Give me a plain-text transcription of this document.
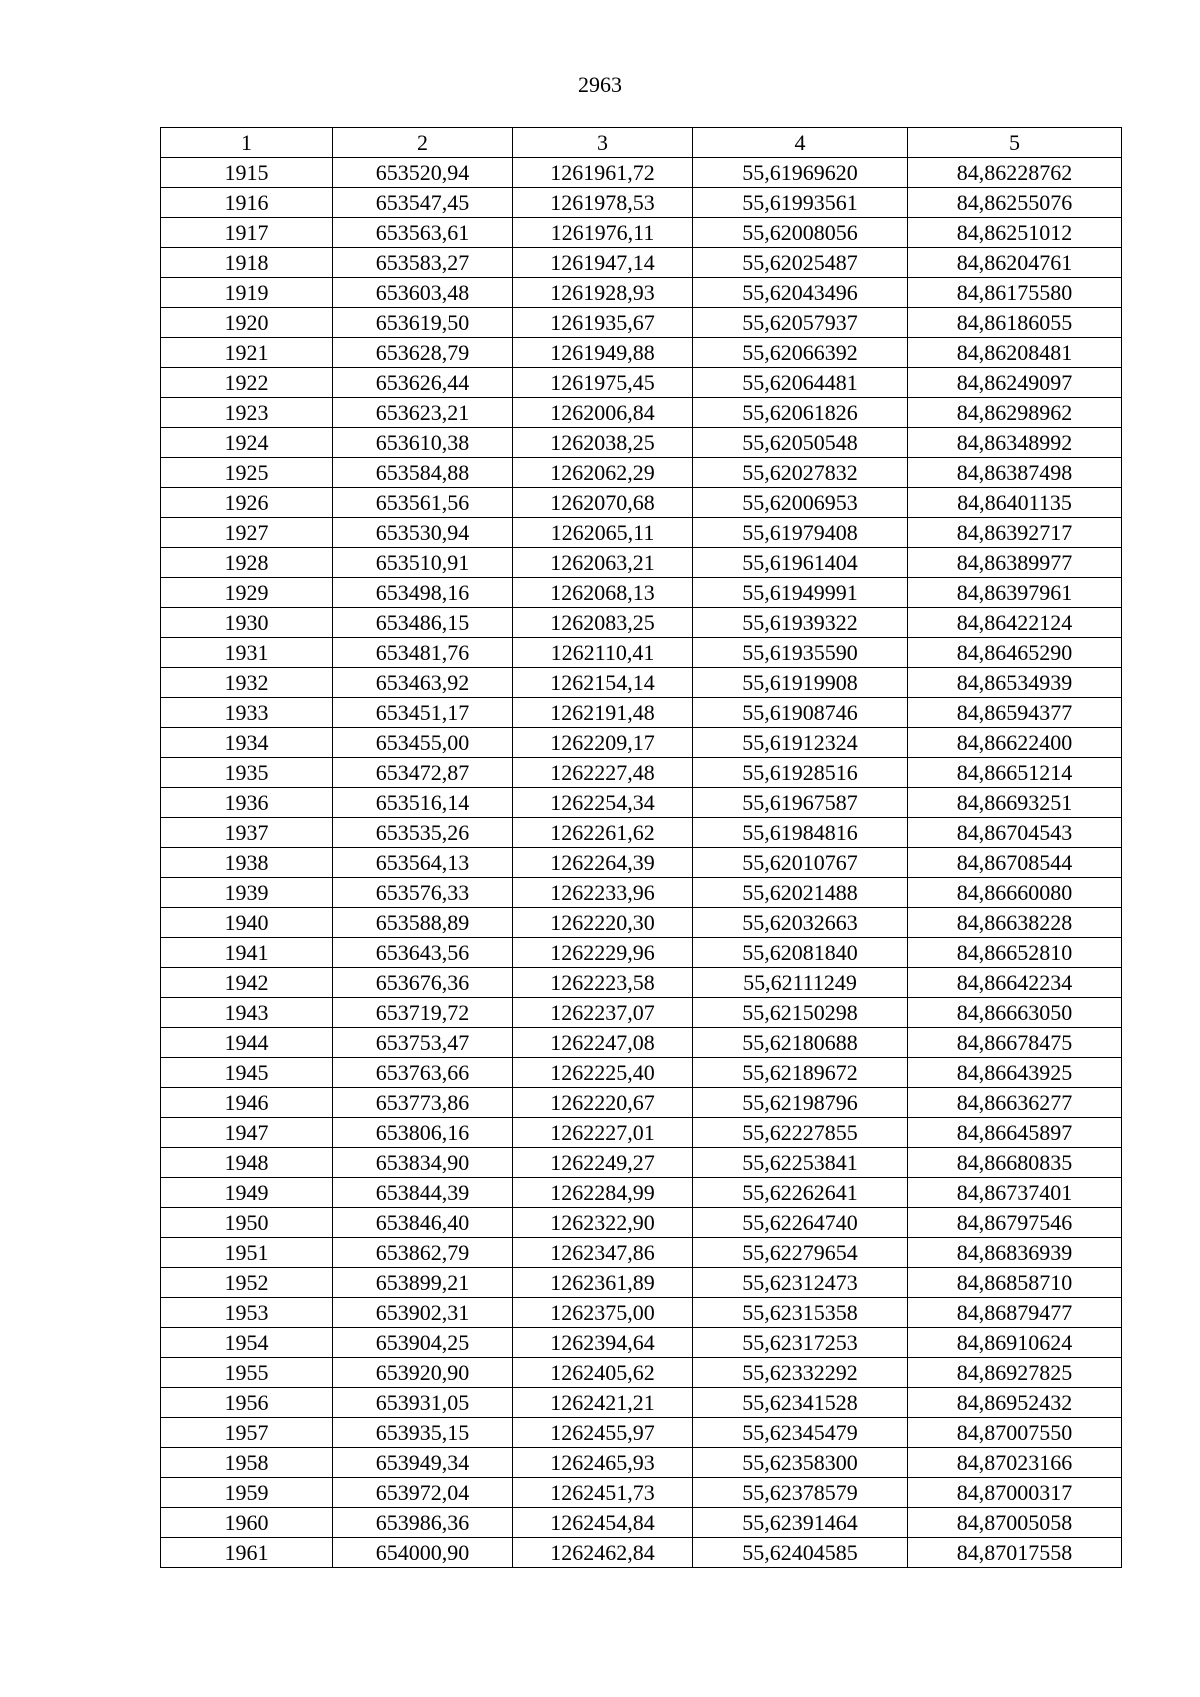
2963
1	2	3	4	5
1915	653520,94	1261961,72	55,61969620	84,86228762
1916	653547,45	1261978,53	55,61993561	84,86255076
1917	653563,61	1261976,11	55,62008056	84,86251012
1918	653583,27	1261947,14	55,62025487	84,86204761
1919	653603,48	1261928,93	55,62043496	84,86175580
1920	653619,50	1261935,67	55,62057937	84,86186055
1921	653628,79	1261949,88	55,62066392	84,86208481
1922	653626,44	1261975,45	55,62064481	84,86249097
1923	653623,21	1262006,84	55,62061826	84,86298962
1924	653610,38	1262038,25	55,62050548	84,86348992
1925	653584,88	1262062,29	55,62027832	84,86387498
1926	653561,56	1262070,68	55,62006953	84,86401135
1927	653530,94	1262065,11	55,61979408	84,86392717
1928	653510,91	1262063,21	55,61961404	84,86389977
1929	653498,16	1262068,13	55,61949991	84,86397961
1930	653486,15	1262083,25	55,61939322	84,86422124
1931	653481,76	1262110,41	55,61935590	84,86465290
1932	653463,92	1262154,14	55,61919908	84,86534939
1933	653451,17	1262191,48	55,61908746	84,86594377
1934	653455,00	1262209,17	55,61912324	84,86622400
1935	653472,87	1262227,48	55,61928516	84,86651214
1936	653516,14	1262254,34	55,61967587	84,86693251
1937	653535,26	1262261,62	55,61984816	84,86704543
1938	653564,13	1262264,39	55,62010767	84,86708544
1939	653576,33	1262233,96	55,62021488	84,86660080
1940	653588,89	1262220,30	55,62032663	84,86638228
1941	653643,56	1262229,96	55,62081840	84,86652810
1942	653676,36	1262223,58	55,62111249	84,86642234
1943	653719,72	1262237,07	55,62150298	84,86663050
1944	653753,47	1262247,08	55,62180688	84,86678475
1945	653763,66	1262225,40	55,62189672	84,86643925
1946	653773,86	1262220,67	55,62198796	84,86636277
1947	653806,16	1262227,01	55,62227855	84,86645897
1948	653834,90	1262249,27	55,62253841	84,86680835
1949	653844,39	1262284,99	55,62262641	84,86737401
1950	653846,40	1262322,90	55,62264740	84,86797546
1951	653862,79	1262347,86	55,62279654	84,86836939
1952	653899,21	1262361,89	55,62312473	84,86858710
1953	653902,31	1262375,00	55,62315358	84,86879477
1954	653904,25	1262394,64	55,62317253	84,86910624
1955	653920,90	1262405,62	55,62332292	84,86927825
1956	653931,05	1262421,21	55,62341528	84,86952432
1957	653935,15	1262455,97	55,62345479	84,87007550
1958	653949,34	1262465,93	55,62358300	84,87023166
1959	653972,04	1262451,73	55,62378579	84,87000317
1960	653986,36	1262454,84	55,62391464	84,87005058
1961	654000,90	1262462,84	55,62404585	84,87017558
